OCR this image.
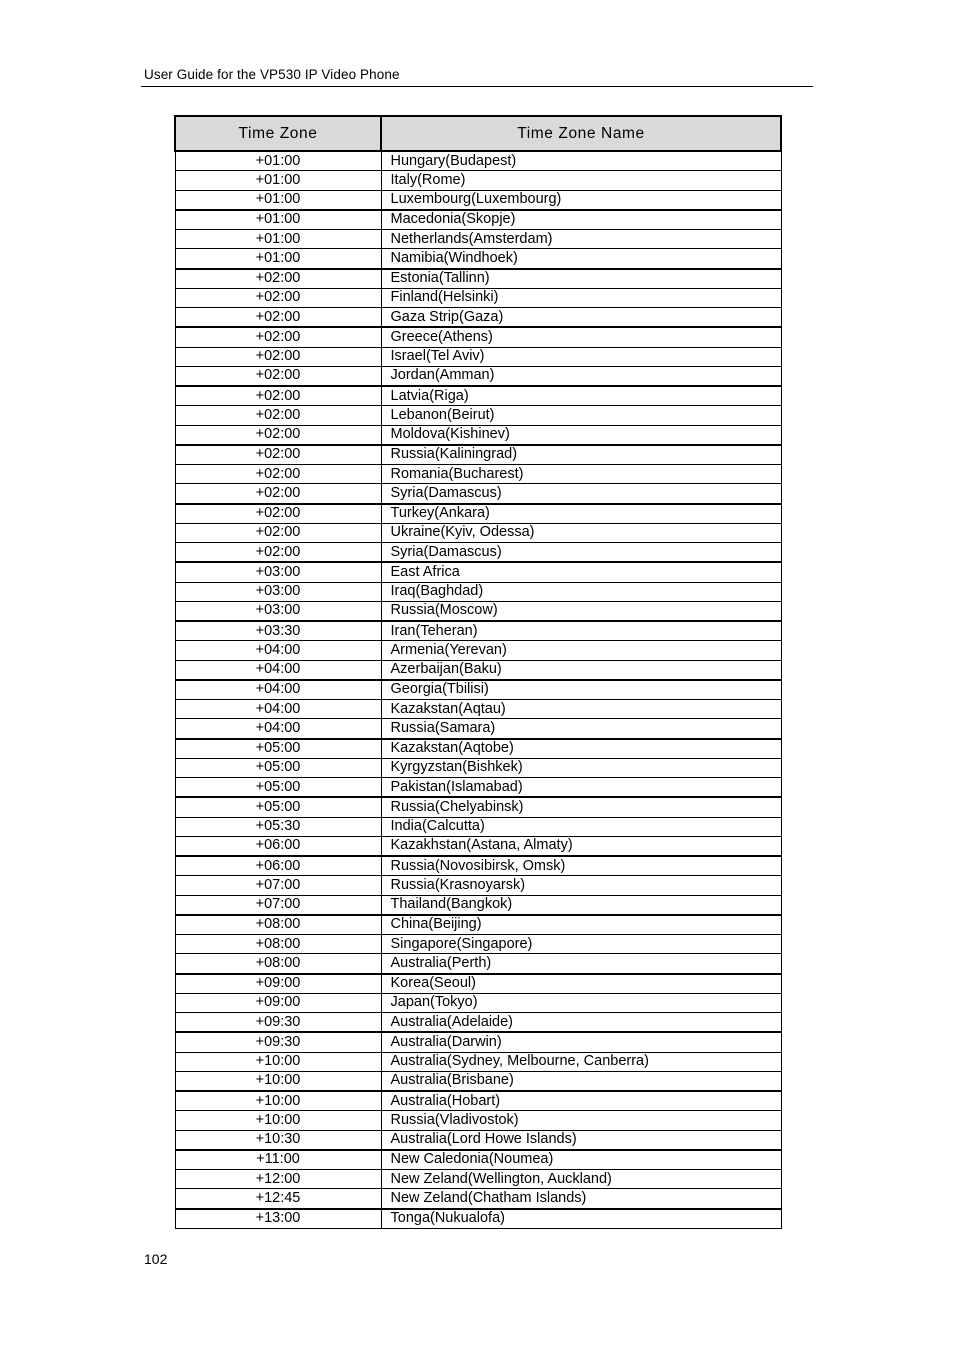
User Guide for the VP530 IP Video Phone
Time Zone	Time Zone Name
+01:00	Hungary(Budapest)
+01:00	Italy(Rome)
+01:00	Luxembourg(Luxembourg)
+01:00	Macedonia(Skopje)
+01:00	Netherlands(Amsterdam)
+01:00	Namibia(Windhoek)
+02:00	Estonia(Tallinn)
+02:00	Finland(Helsinki)
+02:00	Gaza Strip(Gaza)
+02:00	Greece(Athens)
+02:00	Israel(Tel Aviv)
+02:00	Jordan(Amman)
+02:00	Latvia(Riga)
+02:00	Lebanon(Beirut)
+02:00	Moldova(Kishinev)
+02:00	Russia(Kaliningrad)
+02:00	Romania(Bucharest)
+02:00	Syria(Damascus)
+02:00	Turkey(Ankara)
+02:00	Ukraine(Kyiv, Odessa)
+02:00	Syria(Damascus)
+03:00	East Africa
+03:00	Iraq(Baghdad)
+03:00	Russia(Moscow)
+03:30	Iran(Teheran)
+04:00	Armenia(Yerevan)
+04:00	Azerbaijan(Baku)
+04:00	Georgia(Tbilisi)
+04:00	Kazakstan(Aqtau)
+04:00	Russia(Samara)
+05:00	Kazakstan(Aqtobe)
+05:00	Kyrgyzstan(Bishkek)
+05:00	Pakistan(Islamabad)
+05:00	Russia(Chelyabinsk)
+05:30	India(Calcutta)
+06:00	Kazakhstan(Astana, Almaty)
+06:00	Russia(Novosibirsk, Omsk)
+07:00	Russia(Krasnoyarsk)
+07:00	Thailand(Bangkok)
+08:00	China(Beijing)
+08:00	Singapore(Singapore)
+08:00	Australia(Perth)
+09:00	Korea(Seoul)
+09:00	Japan(Tokyo)
+09:30	Australia(Adelaide)
+09:30	Australia(Darwin)
+10:00	Australia(Sydney, Melbourne, Canberra)
+10:00	Australia(Brisbane)
+10:00	Australia(Hobart)
+10:00	Russia(Vladivostok)
+10:30	Australia(Lord Howe Islands)
+11:00	New Caledonia(Noumea)
+12:00	New Zeland(Wellington, Auckland)
+12:45	New Zeland(Chatham Islands)
+13:00	Tonga(Nukualofa)
102
